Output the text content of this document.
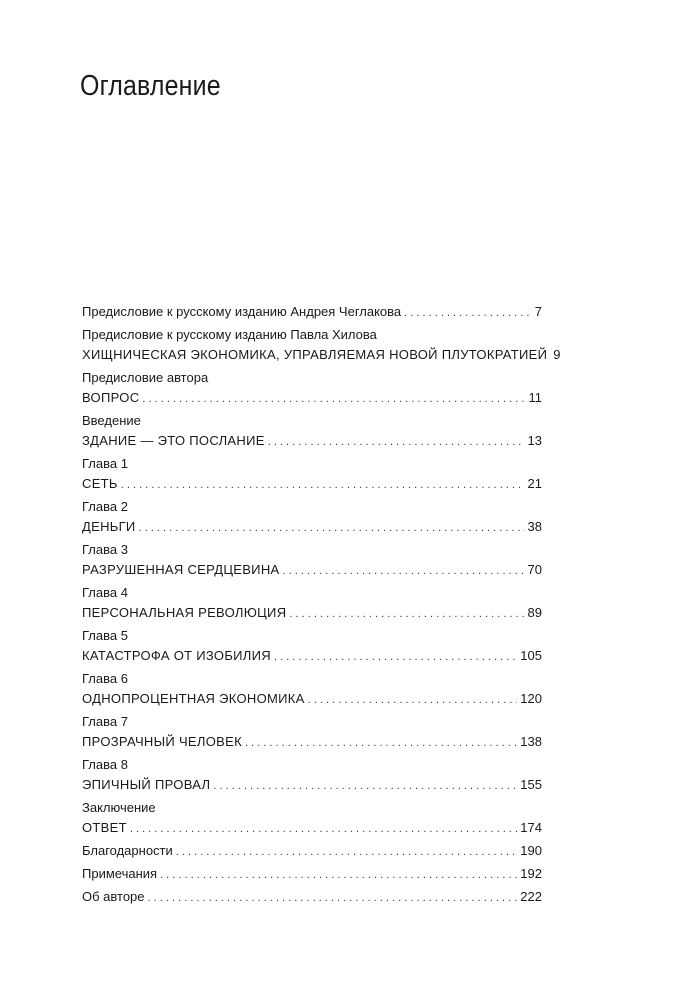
Оглавление
Предисловие к русскому изданию Андрея Чеглакова . . .	7
Предисловие к русскому изданию Павла Хилова
ХИЩНИЧЕСКАЯ ЭКОНОМИКА, УПРАВЛЯЕМАЯ НОВОЙ ПЛУТОКРАТИЕЙ 9
Предисловие автора
ВОПРОС . . .	11
Введение
ЗДАНИЕ — ЭТО ПОСЛАНИЕ . . .	13
Глава 1
СЕТЬ . . .	21
Глава 2
ДЕНЬГИ . . .	38
Глава 3
РАЗРУШЕННАЯ СЕРДЦЕВИНА . . .	70
Глава 4
ПЕРСОНАЛЬНАЯ РЕВОЛЮЦИЯ . . .	89
Глава 5
КАТАСТРОФА ОТ ИЗОБИЛИЯ . . .	105
Глава 6
ОДНОПРОЦЕНТНАЯ ЭКОНОМИКА . . .	120
Глава 7
ПРОЗРАЧНЫЙ ЧЕЛОВЕК . . .	138
Глава 8
ЭПИЧНЫЙ ПРОВАЛ . . .	155
Заключение
ОТВЕТ . . .	174
Благодарности . . .	190
Примечания . . .	192
Об авторе . . .	222
